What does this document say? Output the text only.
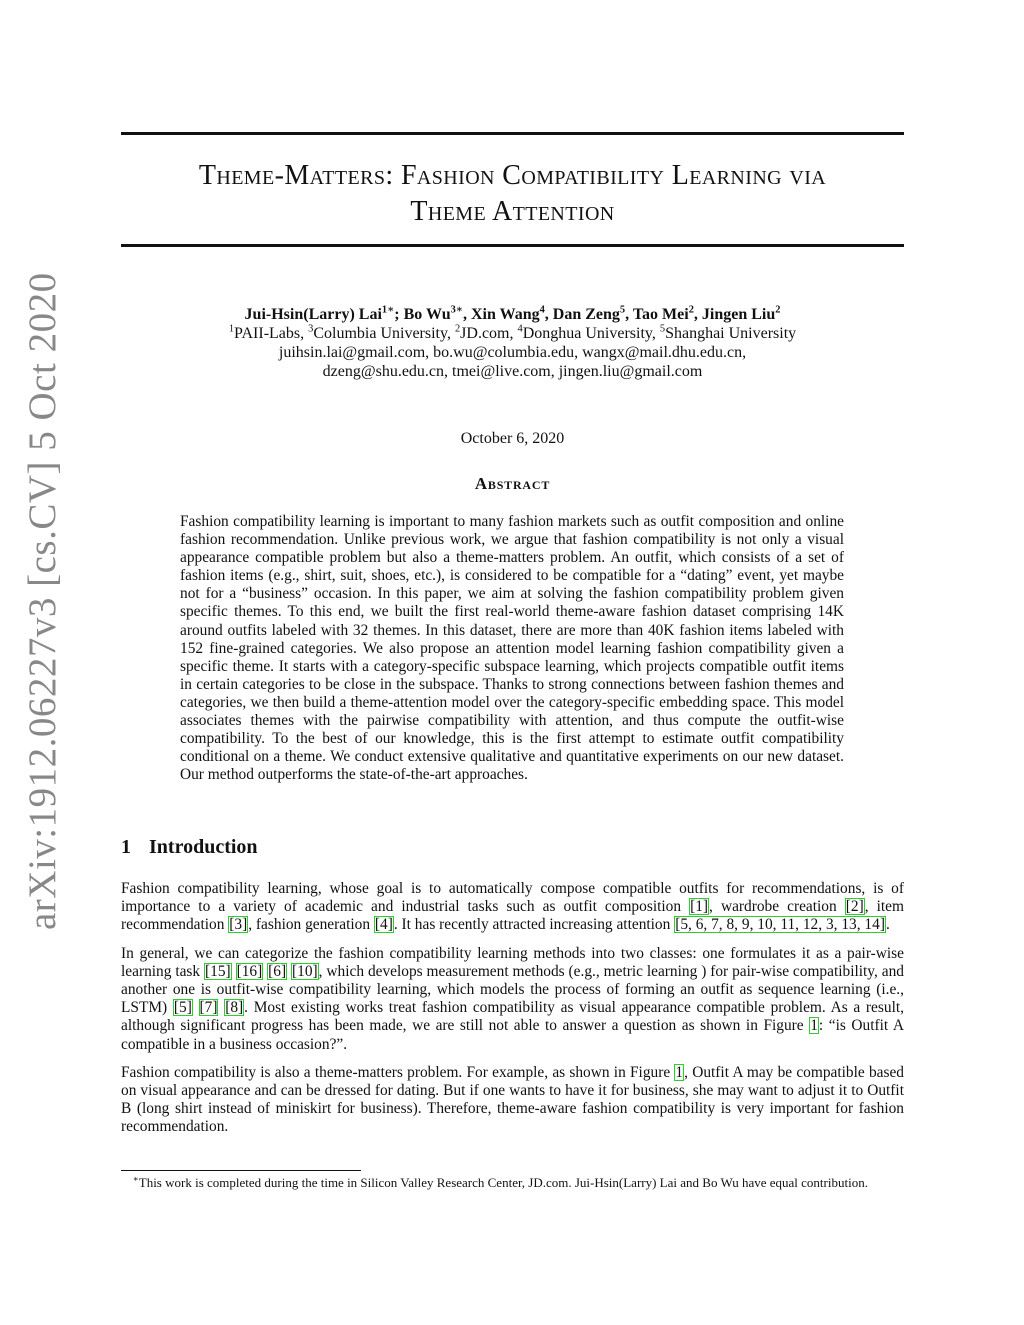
arXiv:1912.06227v3 [cs.CV] 5 Oct 2020
Theme-Matters: Fashion Compatibility Learning via
Theme Attention
Jui-Hsin(Larry) Lai$^{1∗}$; Bo $Wu^{3∗}$, Xin Wang$^4$, Dan Zeng$^5$, Tao Mei$^2$, Jingen Liu$^2$
$^1$PAII-Labs, $^3$Columbia University, $^2$JD.com, $^4$Donghua University, $^5$Shanghai University
juihsin.lai@gmail.com, bo.wu@columbia.edu, wangx@mail.dhu.edu.cn,
dzeng@shu.edu.cn, tmei@live.com, jingen.liu@gmail.com
October 6, 2020
Abstract
Fashion compatibility learning is important to many fashion markets such as outfit composition and online fashion recommendation. Unlike previous work, we argue that fashion compatibility is not only a visual appearance compatible problem but also a theme-matters problem. An outfit, which consists of a set of fashion items (e.g., shirt, suit, shoes, etc.), is considered to be compatible for a “dating” event, yet maybe not for a “business” occasion. In this paper, we aim at solving the fashion compatibility problem given specific themes. To this end, we built the first real-world theme-aware fashion dataset comprising 14K around outfits labeled with 32 themes. In this dataset, there are more than 40K fashion items labeled with 152 fine-grained categories. We also propose an attention model learning fashion compatibility given a specific theme. It starts with a category-specific subspace learning, which projects compatible outfit items in certain categories to be close in the subspace. Thanks to strong connections between fashion themes and categories, we then build a theme-attention model over the category-specific embedding space. This model associates themes with the pairwise compatibility with attention, and thus compute the outfit-wise compatibility. To the best of our knowledge, this is the first attempt to estimate outfit compatibility conditional on a theme. We conduct extensive qualitative and quantitative experiments on our new dataset. Our method outperforms the state-of-the-art approaches.
1 Introduction

Fashion compatibility learning, whose goal is to automatically compose compatible outfits for recommendations, is of importance to a variety of academic and industrial tasks such as outfit composition [1], wardrobe creation [2], item recommendation [3], fashion generation [4]. It has recently attracted increasing attention [5, 6, 7, 8, 9, 10, 11, 12, 3, 13, 14].

In general, we can categorize the fashion compatibility learning methods into two classes: one formulates it as a pair-wise learning task [15] [16] [6] [10], which develops measurement methods (e.g., metric learning ) for pair-wise compatibility, and another one is outfit-wise compatibility learning, which models the process of forming an outfit as sequence learning (i.e., LSTM) [5] [7] [8]. Most existing works treat fashion compatibility as visual appearance compatible problem. As a result, although significant progress has been made, we are still not able to answer a question as shown in Figure 1: “is Outfit A compatible in a business occasion?”.

Fashion compatibility is also a theme-matters problem. For example, as shown in Figure 1, Outfit A may be compatible based on visual appearance and can be dressed for dating. But if one wants to have it for business, she may want to adjust it to Outfit B (long shirt instead of miniskirt for business). Therefore, theme-aware fashion compatibility is very important for fashion recommendation.

∗This work is completed during the time in Silicon Valley Research Center, JD.com. Jui-Hsin(Larry) Lai and Bo Wu have equal contribution.
